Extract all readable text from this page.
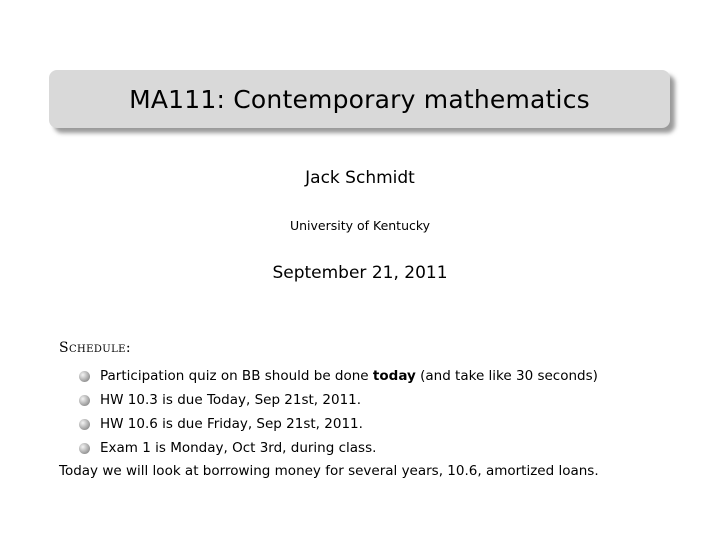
MA111: Contemporary mathematics
Jack Schmidt
University of Kentucky
September 21, 2011
Schedule:
Participation quiz on BB should be done today (and take like 30 seconds)
HW 10.3 is due Today, Sep 21st, 2011.
HW 10.6 is due Friday, Sep 21st, 2011.
Exam 1 is Monday, Oct 3rd, during class.
Today we will look at borrowing money for several years, 10.6, amortized loans.
